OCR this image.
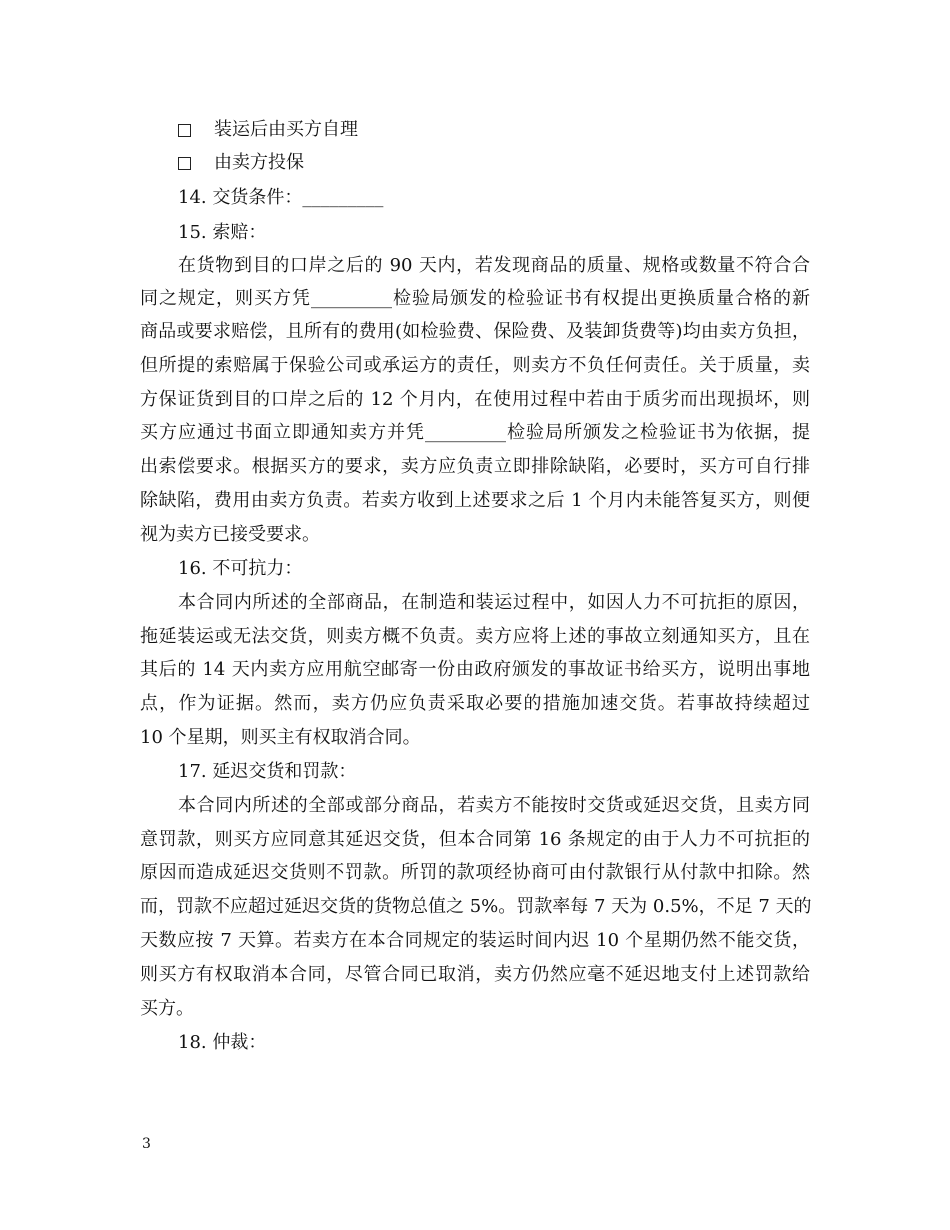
装运后由买方自理
由卖方投保
14. 交货条件：_________
15. 索赔：
在货物到目的口岸之后的 90 天内，若发现商品的质量、规格或数量不符合合
同之规定，则买方凭_________检验局颁发的检验证书有权提出更换质量合格的新
商品或要求赔偿，且所有的费用(如检验费、保险费、及装卸货费等)均由卖方负担，
但所提的索赔属于保验公司或承运方的责任，则卖方不负任何责任。关于质量，卖
方保证货到目的口岸之后的 12 个月内，在使用过程中若由于质劣而出现损坏，则
买方应通过书面立即通知卖方并凭_________检验局所颁发之检验证书为依据，提
出索偿要求。根据买方的要求，卖方应负责立即排除缺陷，必要时，买方可自行排
除缺陷，费用由卖方负责。若卖方收到上述要求之后 1 个月内未能答复买方，则便
视为卖方已接受要求。
16. 不可抗力：
本合同内所述的全部商品，在制造和装运过程中，如因人力不可抗拒的原因，
拖延装运或无法交货，则卖方概不负责。卖方应将上述的事故立刻通知买方，且在
其后的 14 天内卖方应用航空邮寄一份由政府颁发的事故证书给买方，说明出事地
点，作为证据。然而，卖方仍应负责采取必要的措施加速交货。若事故持续超过
10 个星期，则买主有权取消合同。
17. 延迟交货和罚款：
本合同内所述的全部或部分商品，若卖方不能按时交货或延迟交货，且卖方同
意罚款，则买方应同意其延迟交货，但本合同第 16 条规定的由于人力不可抗拒的
原因而造成延迟交货则不罚款。所罚的款项经协商可由付款银行从付款中扣除。然
而，罚款不应超过延迟交货的货物总值之 5%。罚款率每 7 天为 0.5%，不足 7 天的
天数应按 7 天算。若卖方在本合同规定的装运时间内迟 10 个星期仍然不能交货，
则买方有权取消本合同，尽管合同已取消，卖方仍然应毫不延迟地支付上述罚款给
买方。
18. 仲裁：
3
